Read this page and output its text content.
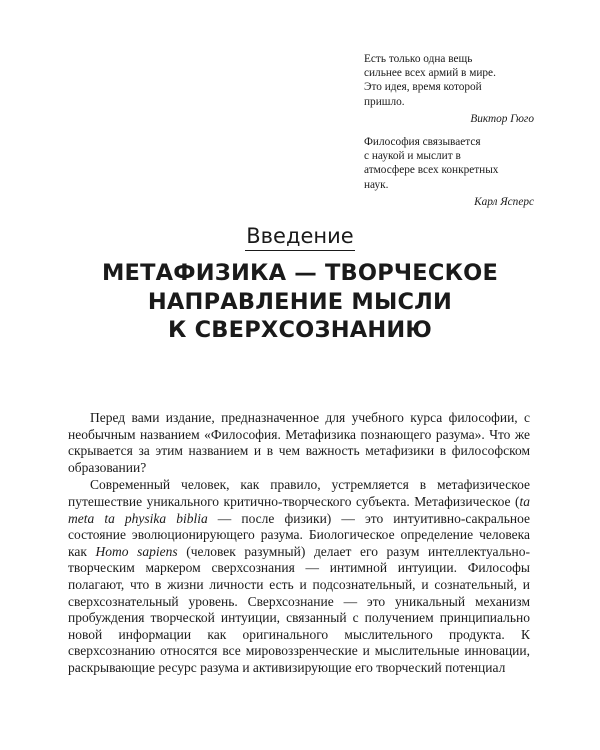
Есть только одна вещь

сильнее всех армий в мире.

Это идея, время которой

пришло.

Виктор Гюго

Философия связывается

с наукой и мыслит в

атмосфере всех конкретных

наук.

Карл Ясперс
Введение
МЕТАФИЗИКА — ТВОРЧЕСКОЕ
НАПРАВЛЕНИЕ МЫСЛИ
К СВЕРХСОЗНАНИЮ

Перед вами издание, предназначенное для учебного курса философии, с необычным названием «Философия. Метафизика познающего разума». Что же скрывается за этим названием и в чем важность метафизики в философском образовании?

Современный человек, как правило, устремляется в метафизическое путешествие уникального критично-творческого субъекта. Метафизическое (ta meta ta physika biblia — после физики) — это интуитивно-сакральное состояние эволюционирующего разума. Биологическое определение человека как Homo sapiens (человек разумный) делает его разум интеллектуально-творческим маркером сверхсознания — интимной интуиции. Философы полагают, что в жизни личности есть и подсознательный, и сознательный, и сверхсознательный уровень. Сверхсознание — это уникальный механизм пробуждения творческой интуиции, связанный с получением принципиально новой информации как оригинального мыслительного продукта. К сверхсознанию относятся все мировоззренческие и мыслительные инновации, раскрывающие ресурс разума и активизирующие его творческий потенциал
